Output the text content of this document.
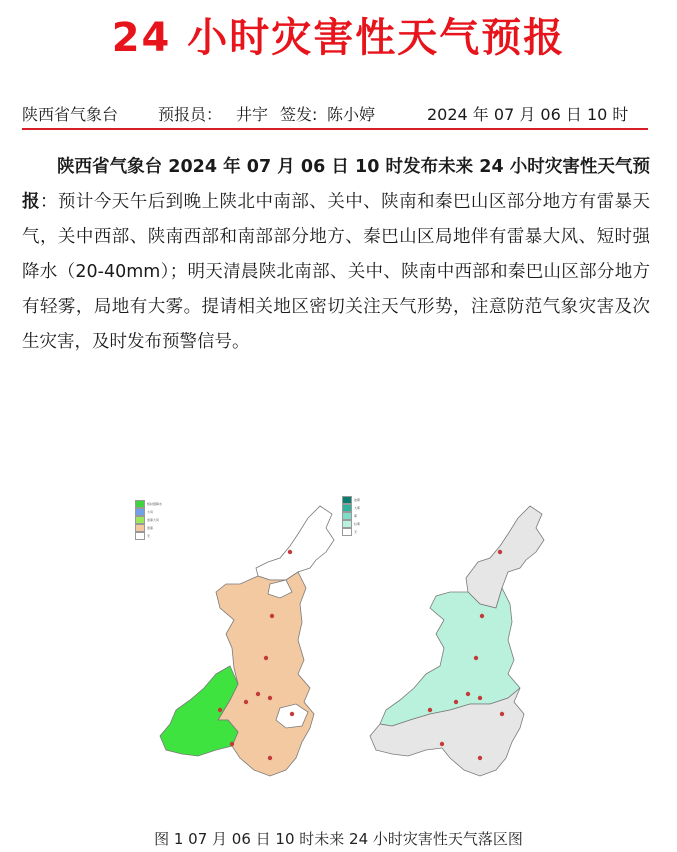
24 小时灾害性天气预报
陕西省气象台 预报员： 井宇 签发: 陈小婷	2024 年 07 月 06 日 10 时

陕西省气象台 2024 年 07 月 06 日 10 时发布未来 24 小时灾害性天气预报：预计今天午后到晚上陕北中南部、关中、陕南和秦巴山区部分地方有雷暴天气，关中西部、陕南西部和南部部分地方、秦巴山区局地伴有雷暴大风、短时强降水（20-40mm）；明天清晨陕北南部、关中、陕南中西部和秦巴山区部分地方有轻雾，局地有大雾。提请相关地区密切关注天气形势，注意防范气象灾害及次生灾害，及时发布预警信号。

短时强降水
大风
雷暴大风
雷暴
无
浓雾
大雾
雾
轻雾
无
图 1 07 月 06 日 10 时未来 24 小时灾害性天气落区图
